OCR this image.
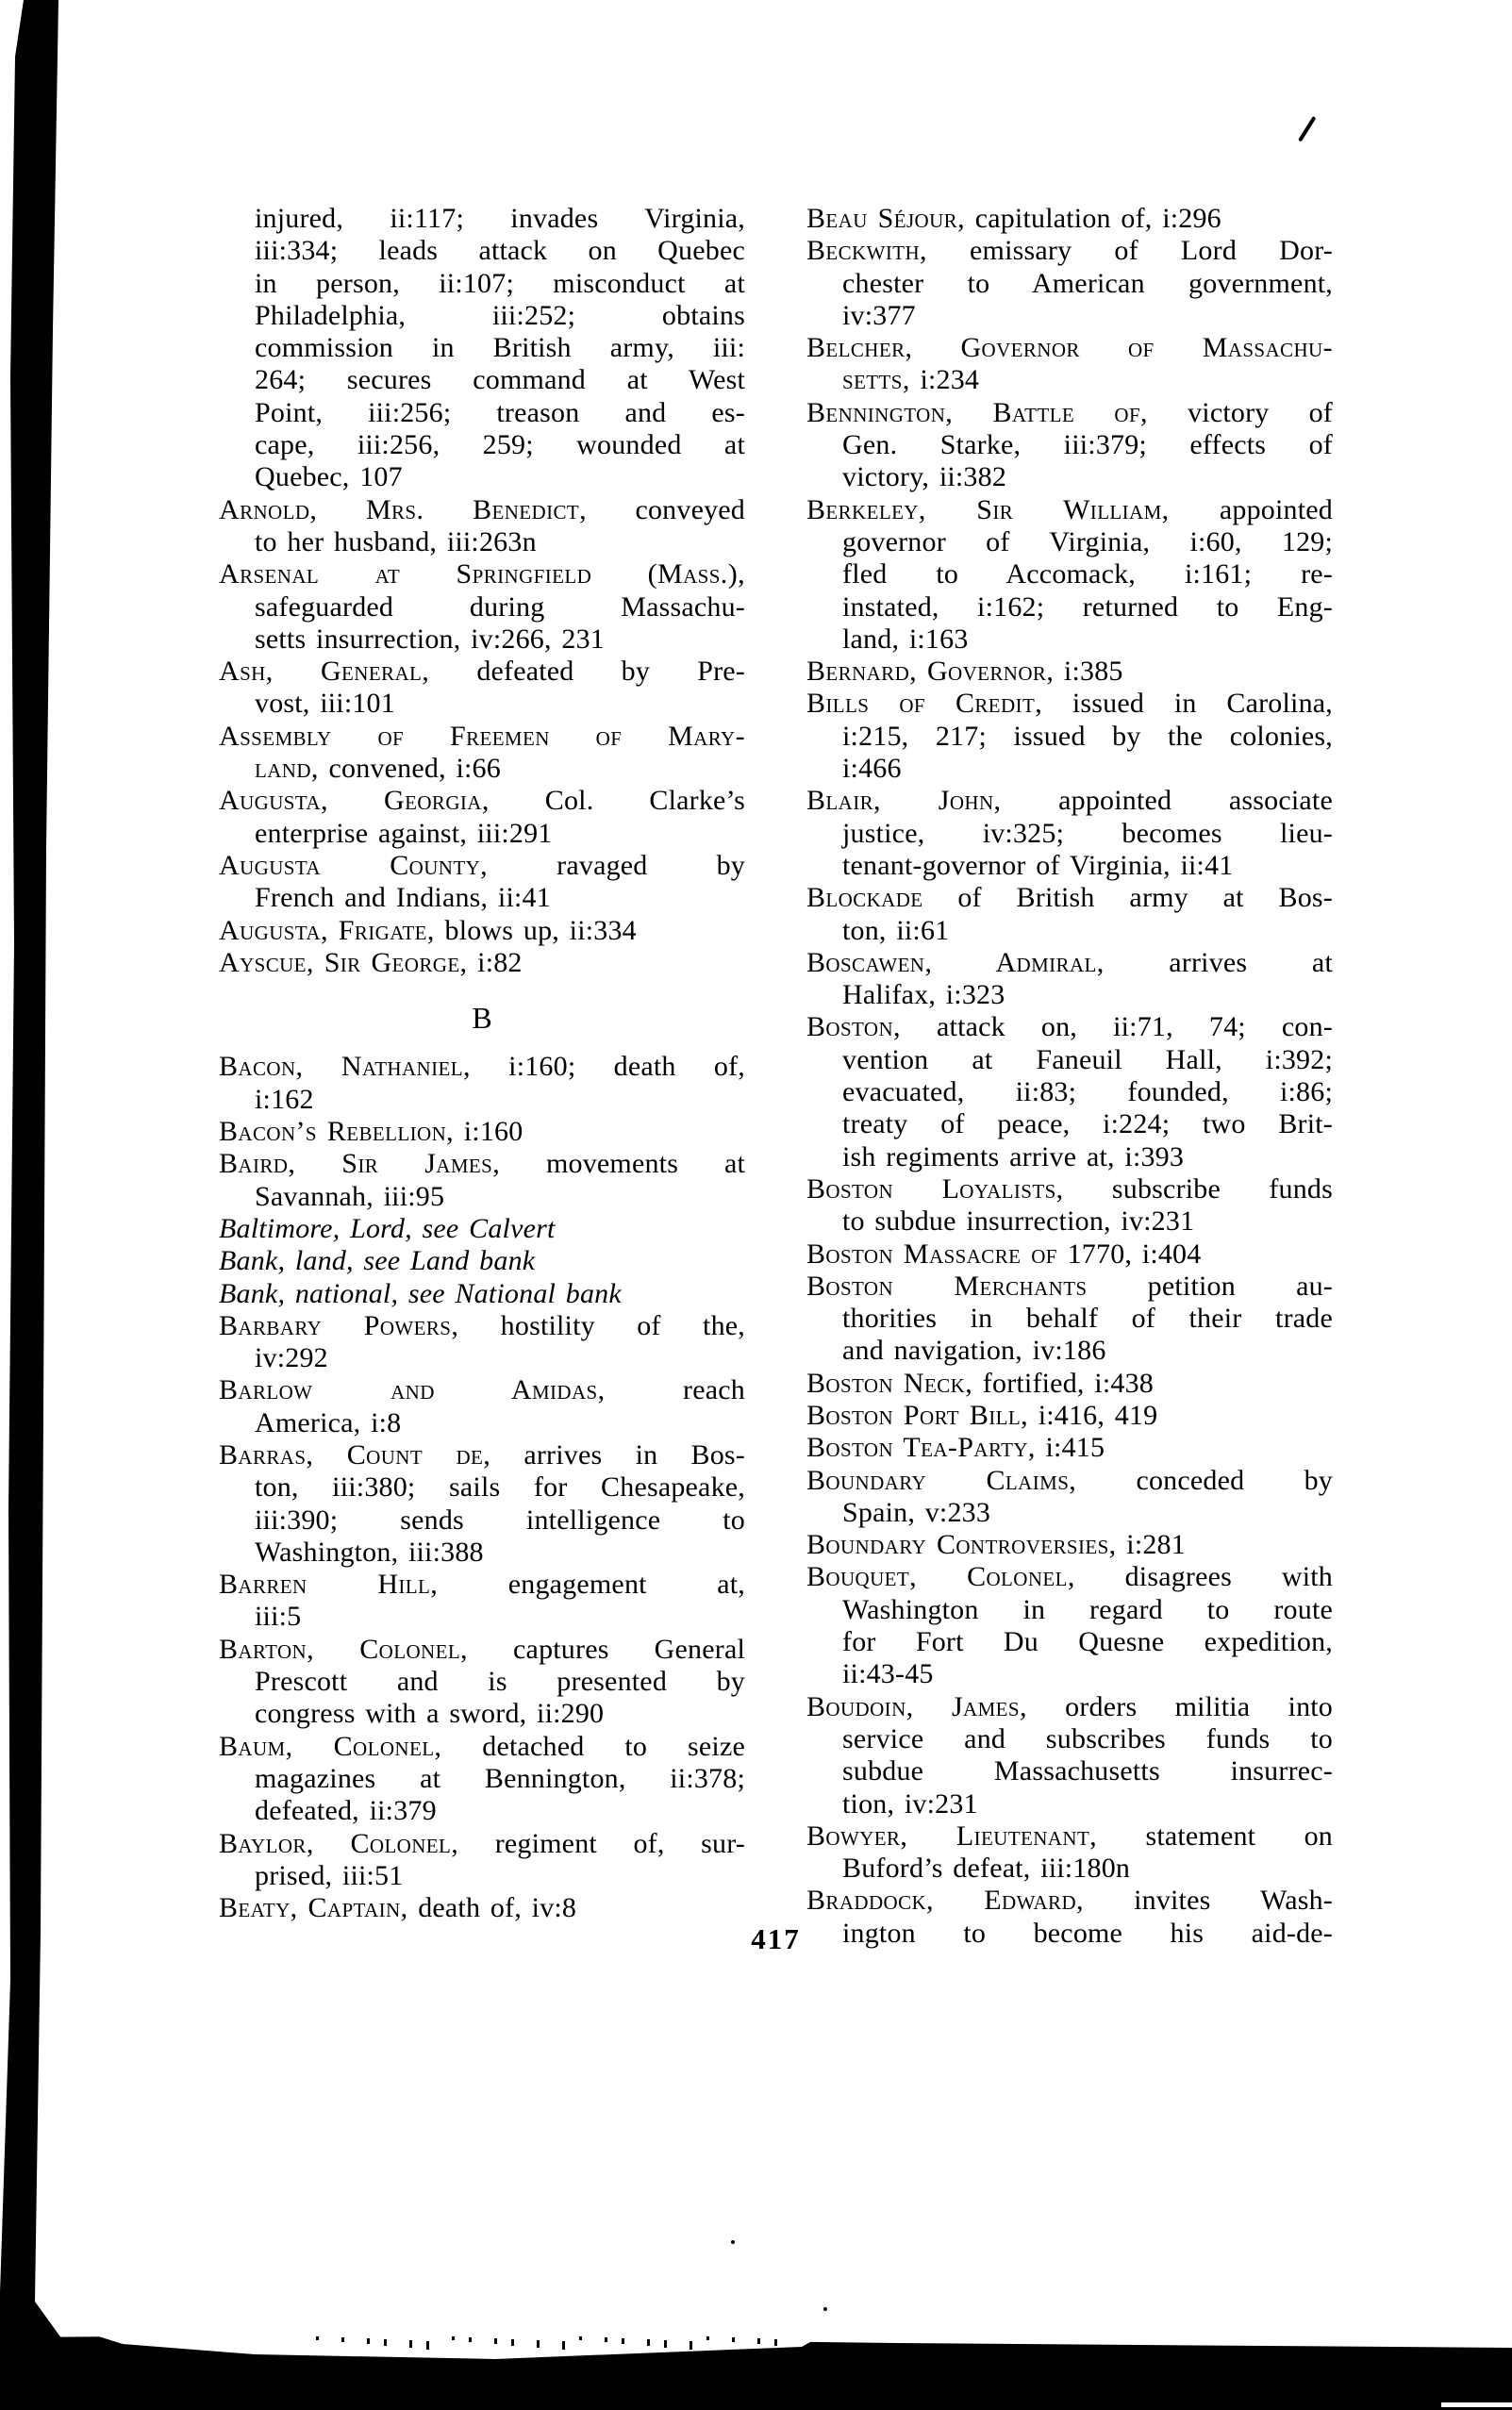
injured, ii:117; invades Virginia,
iii:334; leads attack on Quebec
in person, ii:107; misconduct at
Philadelphia, iii:252; obtains
commission in British army, iii:
264; secures command at West
Point, iii:256; treason and es-
cape, iii:256, 259; wounded at
Quebec, 107
Arnold, Mrs. Benedict, conveyed
to her husband, iii:263n
Arsenal at Springfield (Mass.),
safeguarded during Massachu-
setts insurrection, iv:266, 231
Ash, General, defeated by Pre-
vost, iii:101
Assembly of Freemen of Mary-
land, convened, i:66
Augusta, Georgia, Col. Clarke’s
enterprise against, iii:291
Augusta County, ravaged by
French and Indians, ii:41
Augusta, Frigate, blows up, ii:334
Ayscue, Sir George, i:82
B
Bacon, Nathaniel, i:160; death of,
i:162
Bacon’s Rebellion, i:160
Baird, Sir James, movements at
Savannah, iii:95
Baltimore, Lord, see Calvert
Bank, land, see Land bank
Bank, national, see National bank
Barbary Powers, hostility of the,
iv:292
Barlow and Amidas, reach
America, i:8
Barras, Count de, arrives in Bos-
ton, iii:380; sails for Chesapeake,
iii:390; sends intelligence to
Washington, iii:388
Barren Hill, engagement at,
iii:5
Barton, Colonel, captures General
Prescott and is presented by
congress with a sword, ii:290
Baum, Colonel, detached to seize
magazines at Bennington, ii:378;
defeated, ii:379
Baylor, Colonel, regiment of, sur-
prised, iii:51
Beaty, Captain, death of, iv:8
Beau Séjour, capitulation of, i:296
Beckwith, emissary of Lord Dor-
chester to American government,
iv:377
Belcher, Governor of Massachu-
setts, i:234
Bennington, Battle of, victory of
Gen. Starke, iii:379; effects of
victory, ii:382
Berkeley, Sir William, appointed
governor of Virginia, i:60, 129;
fled to Accomack, i:161; re-
instated, i:162; returned to Eng-
land, i:163
Bernard, Governor, i:385
Bills of Credit, issued in Carolina,
i:215, 217; issued by the colonies,
i:466
Blair, John, appointed associate
justice, iv:325; becomes lieu-
tenant-governor of Virginia, ii:41
Blockade of British army at Bos-
ton, ii:61
Boscawen, Admiral, arrives at
Halifax, i:323
Boston, attack on, ii:71, 74; con-
vention at Faneuil Hall, i:392;
evacuated, ii:83; founded, i:86;
treaty of peace, i:224; two Brit-
ish regiments arrive at, i:393
Boston Loyalists, subscribe funds
to subdue insurrection, iv:231
Boston Massacre of 1770, i:404
Boston Merchants petition au-
thorities in behalf of their trade
and navigation, iv:186
Boston Neck, fortified, i:438
Boston Port Bill, i:416, 419
Boston Tea-Party, i:415
Boundary Claims, conceded by
Spain, v:233
Boundary Controversies, i:281
Bouquet, Colonel, disagrees with
Washington in regard to route
for Fort Du Quesne expedition,
ii:43-45
Boudoin, James, orders militia into
service and subscribes funds to
subdue Massachusetts insurrec-
tion, iv:231
Bowyer, Lieutenant, statement on
Buford’s defeat, iii:180n
Braddock, Edward, invites Wash-
ington to become his aid-de-
417
